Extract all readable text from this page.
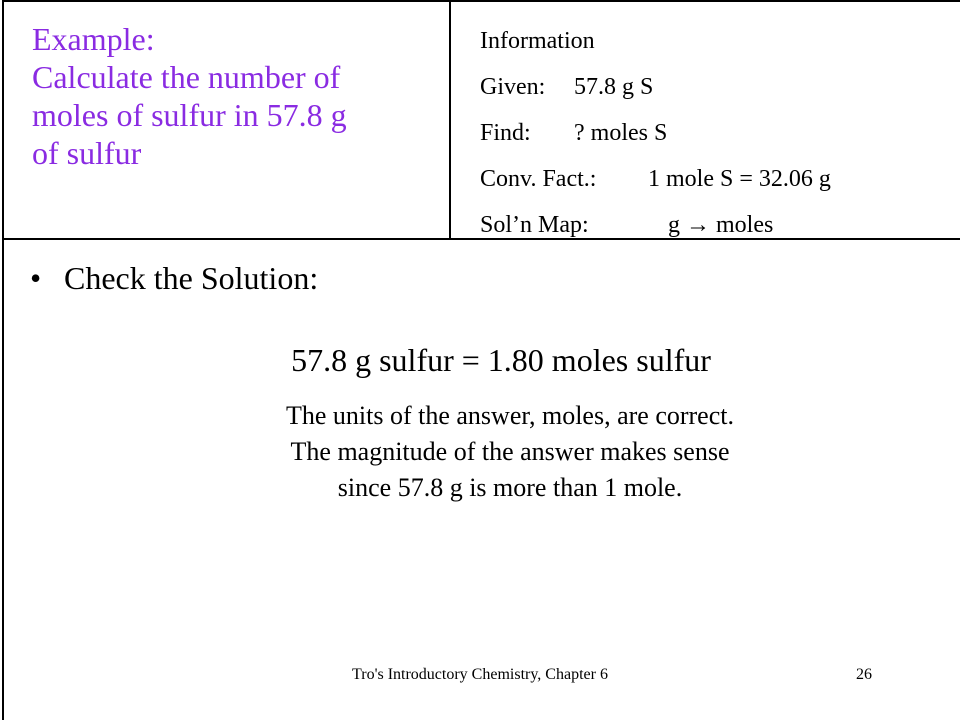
Example:
Calculate the number of
moles of sulfur in 57.8 g
of sulfur
Information
Given: 57.8 g S
Find: ? moles S
Conv. Fact.: 1 mole S = 32.06 g
Sol’n Map:	g → moles
• Check the Solution:
57.8 g sulfur = 1.80 moles sulfur
The units of the answer, moles, are correct.
The magnitude of the answer makes sense
since 57.8 g is more than 1 mole.
Tro's Introductory Chemistry, Chapter 6	26
